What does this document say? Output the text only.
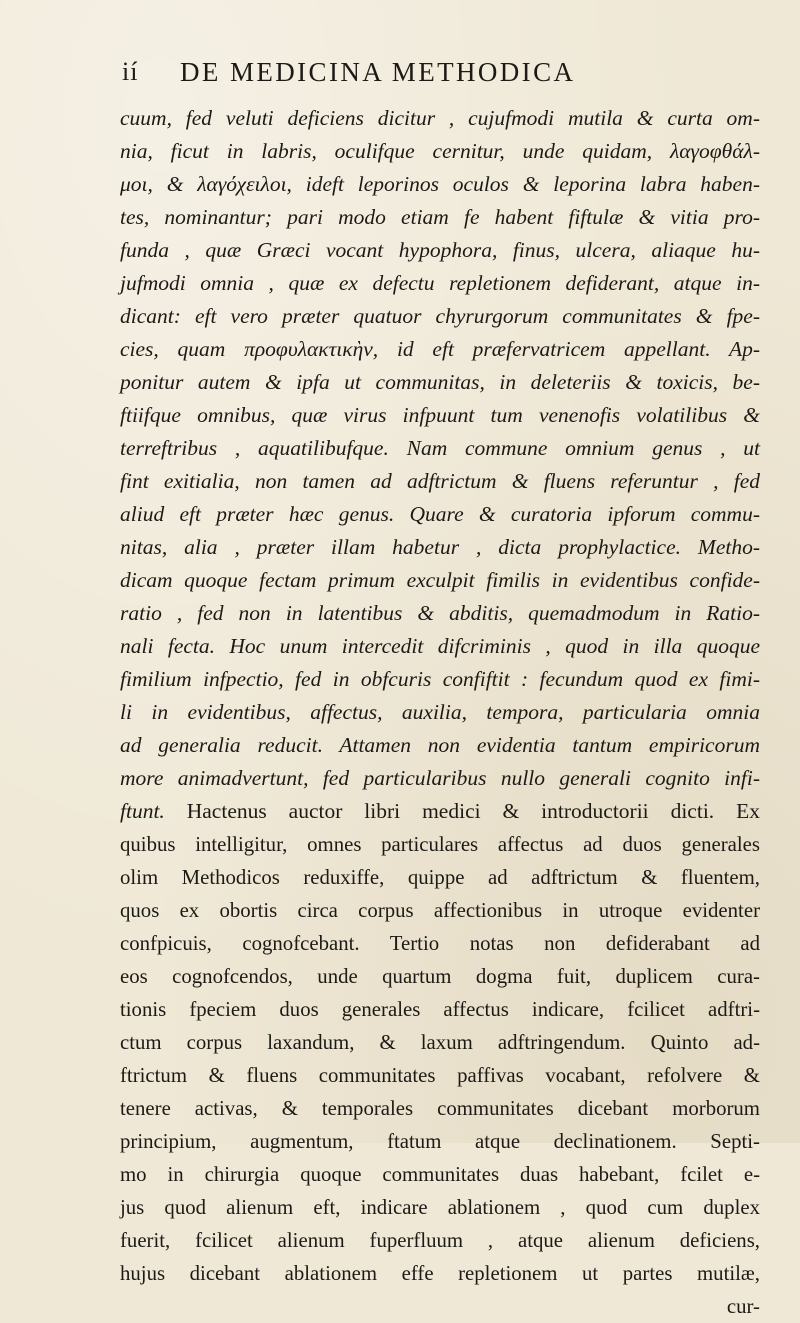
ií DE MEDICINA METHODICA
cuum, fed veluti deficiens dicitur , cujufmodi mutila & curta om-
nia, ficut in labris, oculifque cernitur, unde quidam, λαγοφθάλ-
μοι, & λαγόχειλοι, ideft leporinos oculos & leporina labra haben-
tes, nominantur; pari modo etiam fe habent fiftulæ & vitia pro-
funda , quæ Græci vocant hypophora, finus, ulcera, aliaque hu-
jufmodi omnia , quæ ex defectu repletionem defiderant, atque in-
dicant: eft vero præter quatuor chyrurgorum communitates & fpe-
cies, quam προφυλακτικὴν, id eft præfervatricem appellant. Ap-
ponitur autem & ipfa ut communitas, in deleteriis & toxicis, be-
ftiifque omnibus, quæ virus infpuunt tum venenofis volatilibus &
terreftribus , aquatilibufque. Nam commune omnium genus , ut
fint exitialia, non tamen ad adftrictum & fluens referuntur , fed
aliud eft præter hæc genus. Quare & curatoria ipforum commu-
nitas, alia , præter illam habetur , dicta prophylactice. Metho-
dicam quoque fectam primum exculpit fimilis in evidentibus confide-
ratio , fed non in latentibus & abditis, quemadmodum in Ratio-
nali fecta. Hoc unum intercedit difcriminis , quod in illa quoque
fimilium infpectio, fed in obfcuris confiftit : fecundum quod ex fimi-
li in evidentibus, affectus, auxilia, tempora, particularia omnia
ad generalia reducit. Attamen non evidentia tantum empiricorum
more animadvertunt, fed particularibus nullo generali cognito infi-
ftunt. Hactenus auctor libri medici & introductorii dicti. Ex
quibus intelligitur, omnes particulares affectus ad duos generales
olim Methodicos reduxiffe, quippe ad adftrictum & fluentem,
quos ex obortis circa corpus affectionibus in utroque evidenter
confpicuis, cognofcebant. Tertio notas non defiderabant ad
eos cognofcendos, unde quartum dogma fuit, duplicem cura-
tionis fpeciem duos generales affectus indicare, fcilicet adftri-
ctum corpus laxandum, & laxum adftringendum. Quinto ad-
ftrictum & fluens communitates paffivas vocabant, refolvere &
tenere activas, & temporales communitates dicebant morborum
principium, augmentum, ftatum atque declinationem. Septi-
mo in chirurgia quoque communitates duas habebant, fcilet e-
jus quod alienum eft, indicare ablationem , quod cum duplex
fuerit, fcilicet alienum fuperfluum , atque alienum deficiens,
hujus dicebant ablationem effe repletionem ut partes mutilæ,
cur-
